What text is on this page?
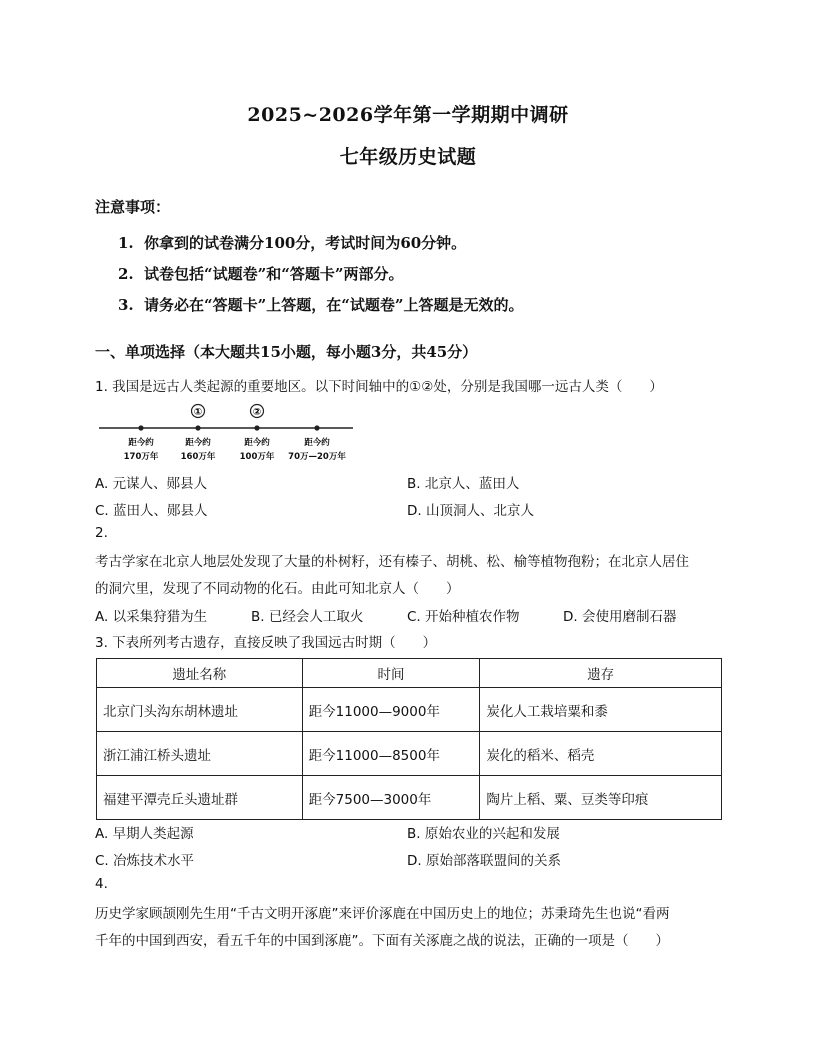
2025~2026学年第一学期期中调研
七年级历史试题
注意事项：
1. 你拿到的试卷满分100分，考试时间为60分钟。
2. 试卷包括“试题卷”和“答题卡”两部分。
3. 请务必在“答题卡”上答题，在“试题卷”上答题是无效的。
一、单项选择（本大题共15小题，每小题3分，共45分）
1. 我国是远古人类起源的重要地区。以下时间轴中的①②处，分别是我国哪一远古人类（　　）
①	②
距今约
170万年
距今约
160万年
距今约
100万年
距今约
70万—20万年
A. 元谋人、郧县人	B. 北京人、蓝田人
C. 蓝田人、郧县人	D. 山顶洞人、北京人
2.
考古学家在北京人地层处发现了大量的朴树籽，还有榛子、胡桃、松、榆等植物孢粉；在北京人居住
的洞穴里，发现了不同动物的化石。由此可知北京人（　　）
A. 以采集狩猎为生	B. 已经会人工取火	C. 开始种植农作物	D. 会使用磨制石器
3. 下表所列考古遗存，直接反映了我国远古时期（　　）
遗址名称	时间	遗存
北京门头沟东胡林遗址	距今11000—9000年	炭化人工栽培粟和黍
浙江浦江桥头遗址	距今11000—8500年	炭化的稻米、稻壳
福建平潭壳丘头遗址群	距今7500—3000年	陶片上稻、粟、豆类等印痕
A. 早期人类起源	B. 原始农业的兴起和发展
C. 冶炼技术水平	D. 原始部落联盟间的关系
4.
历史学家顾颉刚先生用“千古文明开涿鹿”来评价涿鹿在中国历史上的地位；苏秉琦先生也说“看两
千年的中国到西安，看五千年的中国到涿鹿”。下面有关涿鹿之战的说法，正确的一项是（　　）
